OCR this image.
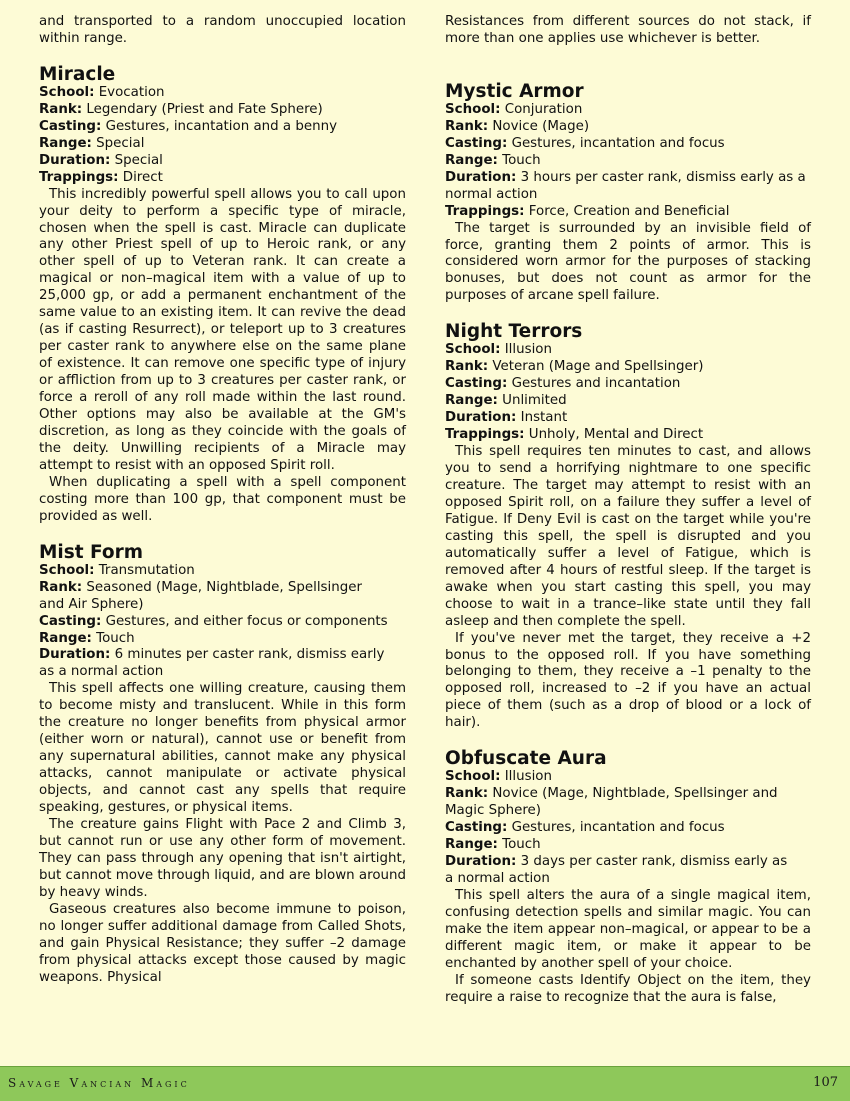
and transported to a random unoccupied location within range.

Miracle
School: Evocation
Rank: Legendary (Priest and Fate Sphere)
Casting: Gestures, incantation and a benny
Range: Special
Duration: Special
Trappings: Direct

This incredibly powerful spell allows you to call upon your deity to perform a specific type of miracle, chosen when the spell is cast. Miracle can duplicate any other Priest spell of up to Heroic rank, or any other spell of up to Veteran rank. It can create a magical or non–magical item with a value of up to 25,000 gp, or add a permanent enchantment of the same value to an existing item. It can revive the dead (as if casting Resurrect), or teleport up to 3 creatures per caster rank to anywhere else on the same plane of existence. It can remove one specific type of injury or affliction from up to 3 creatures per caster rank, or force a reroll of any roll made within the last round. Other options may also be available at the GM's discretion, as long as they coincide with the goals of the deity. Unwilling recipients of a Miracle may attempt to resist with an opposed Spirit roll.

When duplicating a spell with a spell component costing more than 100 gp, that component must be provided as well.

Mist Form
School: Transmutation
Rank: Seasoned (Mage, Nightblade, Spellsinger and Air Sphere)
Casting: Gestures, and either focus or components
Range: Touch
Duration: 6 minutes per caster rank, dismiss early as a normal action

This spell affects one willing creature, causing them to become misty and translucent. While in this form the creature no longer benefits from physical armor (either worn or natural), cannot use or benefit from any supernatural abilities, cannot make any physical attacks, cannot manipulate or activate physical objects, and cannot cast any spells that require speaking, gestures, or physical items.

The creature gains Flight with Pace 2 and Climb 3, but cannot run or use any other form of movement. They can pass through any opening that isn't airtight, but cannot move through liquid, and are blown around by heavy winds.

Gaseous creatures also become immune to poison, no longer suffer additional damage from Called Shots, and gain Physical Resistance; they suffer –2 damage from physical attacks except those caused by magic weapons. Physical

Resistances from different sources do not stack, if more than one applies use whichever is better.

Mystic Armor
School: Conjuration
Rank: Novice (Mage)
Casting: Gestures, incantation and focus
Range: Touch
Duration: 3 hours per caster rank, dismiss early as a normal action
Trappings: Force, Creation and Beneficial

The target is surrounded by an invisible field of force, granting them 2 points of armor. This is considered worn armor for the purposes of stacking bonuses, but does not count as armor for the purposes of arcane spell failure.

Night Terrors
School: Illusion
Rank: Veteran (Mage and Spellsinger)
Casting: Gestures and incantation
Range: Unlimited
Duration: Instant
Trappings: Unholy, Mental and Direct

This spell requires ten minutes to cast, and allows you to send a horrifying nightmare to one specific creature. The target may attempt to resist with an opposed Spirit roll, on a failure they suffer a level of Fatigue. If Deny Evil is cast on the target while you're casting this spell, the spell is disrupted and you automatically suffer a level of Fatigue, which is removed after 4 hours of restful sleep. If the target is awake when you start casting this spell, you may choose to wait in a trance–like state until they fall asleep and then complete the spell.

If you've never met the target, they receive a +2 bonus to the opposed roll. If you have something belonging to them, they receive a –1 penalty to the opposed roll, increased to –2 if you have an actual piece of them (such as a drop of blood or a lock of hair).

Obfuscate Aura
School: Illusion
Rank: Novice (Mage, Nightblade, Spellsinger and Magic Sphere)
Casting: Gestures, incantation and focus
Range: Touch
Duration: 3 days per caster rank, dismiss early as a normal action

This spell alters the aura of a single magical item, confusing detection spells and similar magic. You can make the item appear non–magical, or appear to be a different magic item, or make it appear to be enchanted by another spell of your choice.

If someone casts Identify Object on the item, they require a raise to recognize that the aura is false,

Savage Vancian Magic	107
